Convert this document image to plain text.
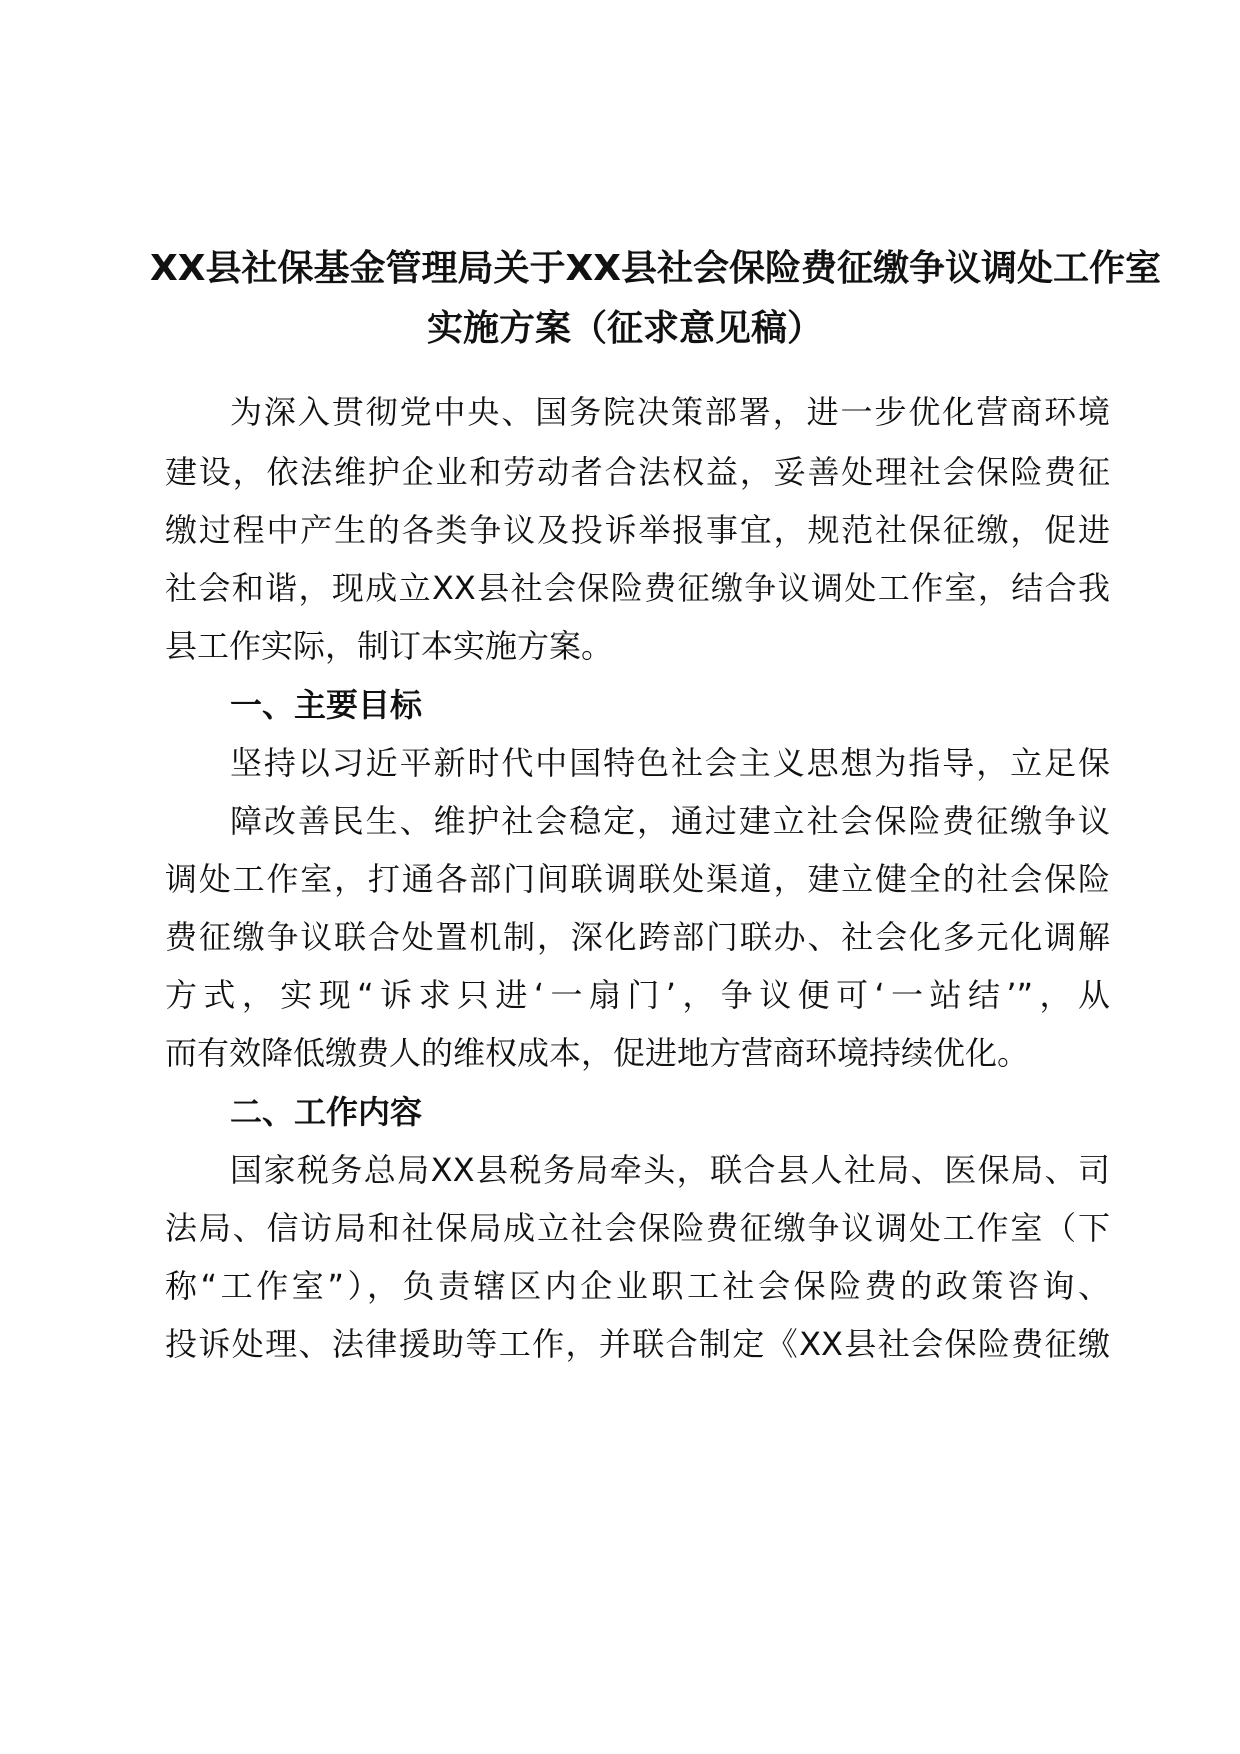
XX县社保基金管理局关于XX县社会保险费征缴争议调处工作室
实施方案（征求意见稿）
为深入贯彻党中央、国务院决策部署，进一步优化营商环境
建设，依法维护企业和劳动者合法权益，妥善处理社会保险费征
缴过程中产生的各类争议及投诉举报事宜，规范社保征缴，促进
社会和谐，现成立XX县社会保险费征缴争议调处工作室，结合我
县工作实际，制订本实施方案。
一、主要目标
坚持以习近平新时代中国特色社会主义思想为指导，立足保
障改善民生、维护社会稳定，通过建立社会保险费征缴争议
调处工作室，打通各部门间联调联处渠道，建立健全的社会保险
费征缴争议联合处置机制，深化跨部门联办、社会化多元化调解
方式，实现“诉求只进‘一扇门’，争议便可‘一站结’”，从
而有效降低缴费人的维权成本，促进地方营商环境持续优化。
二、工作内容
国家税务总局XX县税务局牵头，联合县人社局、医保局、司
法局、信访局和社保局成立社会保险费征缴争议调处工作室（下
称“工作室”），负责辖区内企业职工社会保险费的政策咨询、
投诉处理、法律援助等工作，并联合制定《XX县社会保险费征缴
